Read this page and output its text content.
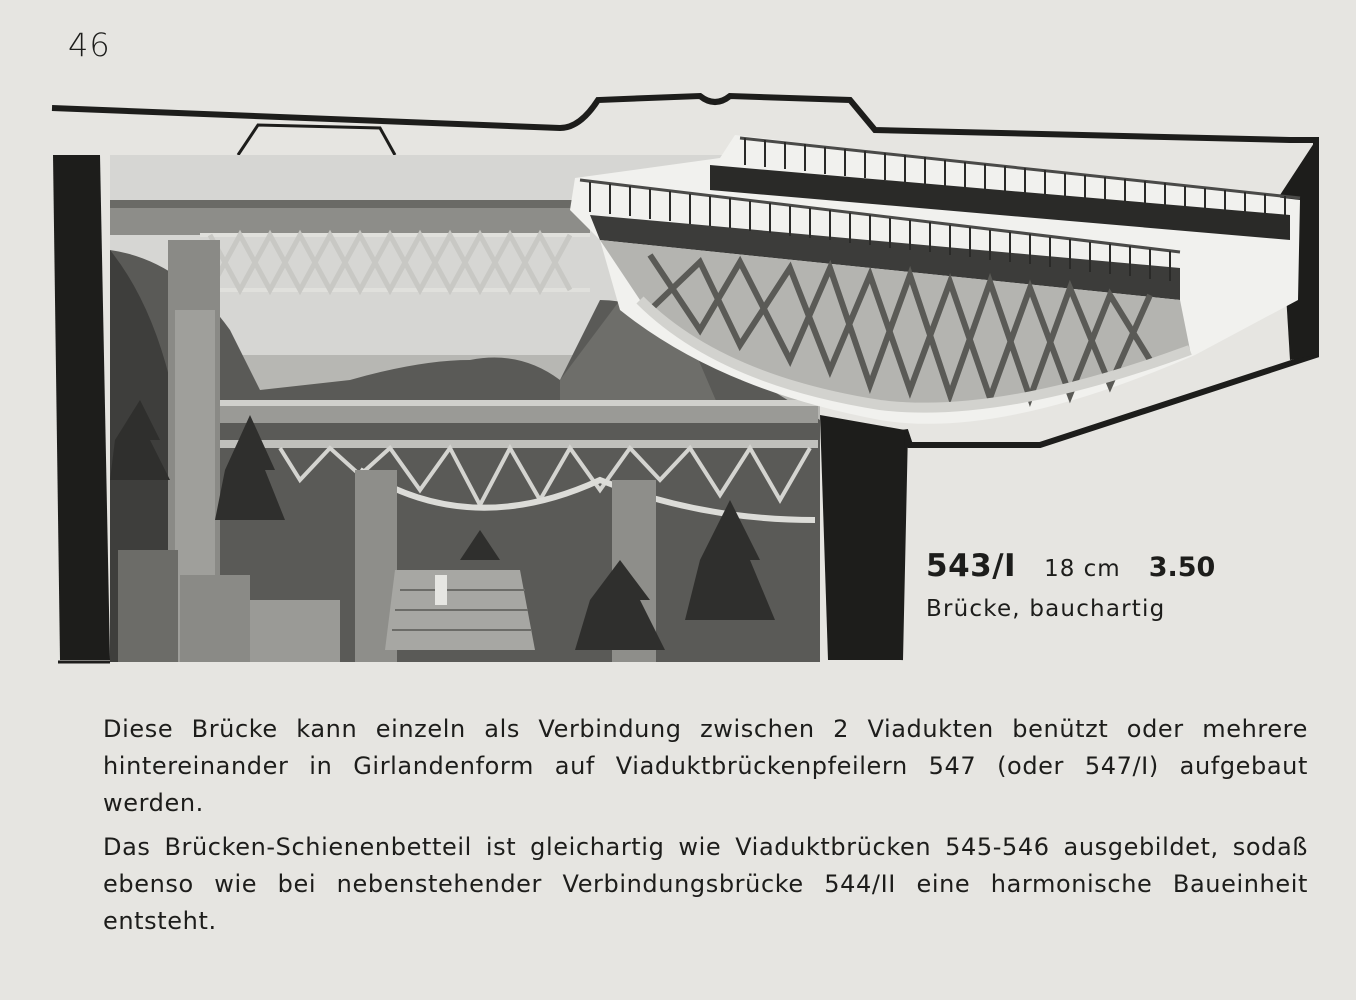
46
543/I 18 cm 3.50
Brücke, bauchartig

Diese Brücke kann einzeln als Verbindung zwischen 2 Viadukten benützt oder mehrere hintereinander in Girlandenform auf Viaduktbrückenpfeilern 547 (oder 547/I) aufgebaut werden.

Das Brücken-Schienenbetteil ist gleichartig wie Viaduktbrücken 545-546 ausgebildet, sodaß ebenso wie bei nebenstehender Verbindungsbrücke 544/II eine harmonische Baueinheit entsteht.
